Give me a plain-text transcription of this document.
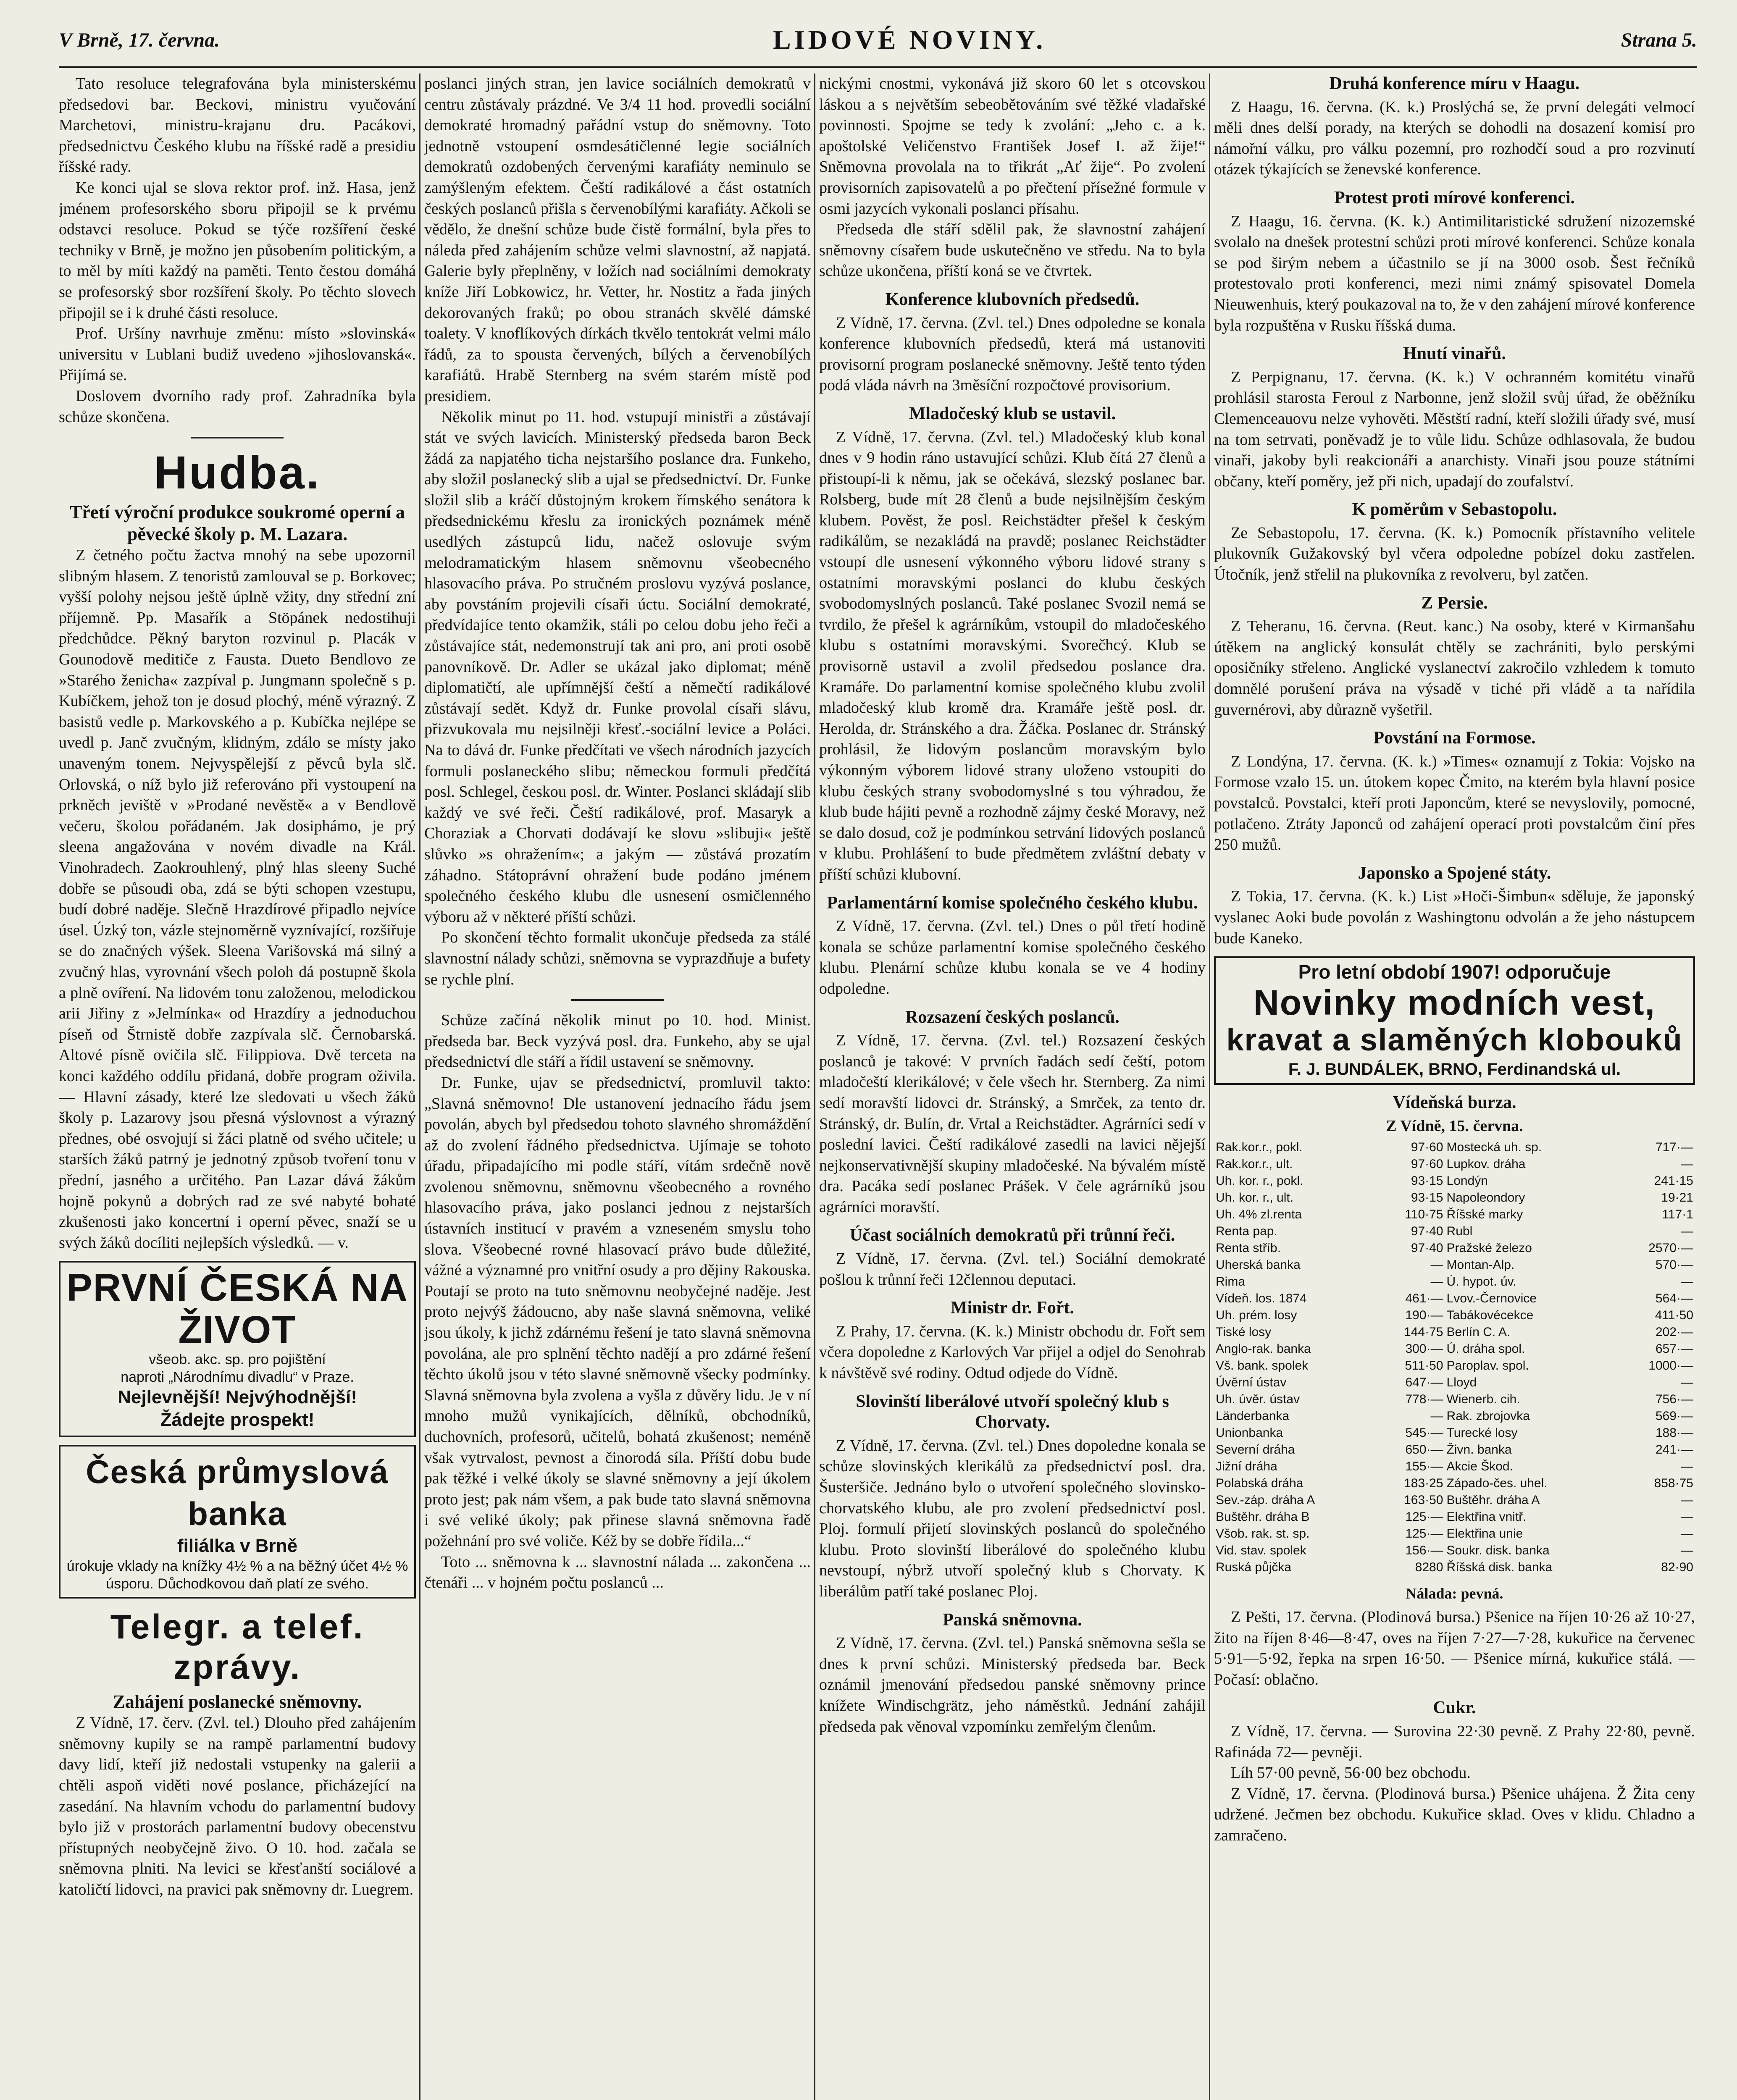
V Brně, 17. června.	LIDOVÉ NOVINY.	Strana 5.

Tato resoluce telegrafována byla ministerskému předsedovi bar. Beckovi, ministru vyučování Marchetovi, ministru-krajanu dru. Pacákovi, předsednictvu Českého klubu na říšské radě a presidiu říšské rady.

Ke konci ujal se slova rektor prof. inž. Hasa, jenž jménem profesorského sboru připojil se k prvému odstavci resoluce. Pokud se týče rozšíření české techniky v Brně, je možno jen působením politickým, a to měl by míti každý na paměti. Tento čestou domáhá se profesorský sbor rozšíření školy. Po těchto slovech připojil se i k druhé části resoluce.

Prof. Uršíny navrhuje změnu: místo »slovinská« universitu v Lublani budiž uvedeno »jihoslovanská«. Přijímá se.

Doslovem dvorního rady prof. Zahradníka byla schůze skončena.

Hudba.
Třetí výroční produkce soukromé operní a pěvecké školy p. M. Lazara.

Z četného počtu žactva mnohý na sebe upozornil slibným hlasem. Z tenoristů zamlouval se p. Borkovec; vyšší polohy nejsou ještě úplně vžity, dny střední zní příjemně. Pp. Masařík a Stöpánek nedostihuji předchůdce. Pěkný baryton rozvinul p. Placák v Gounodově meditiče z Fausta. Dueto Bendlovo ze »Starého ženicha« zazpíval p. Jungmann společně s p. Kubíčkem, jehož ton je dosud plochý, méně výrazný. Z basistů vedle p. Markovského a p. Kubíčka nejlépe se uvedl p. Janč zvučným, klidným, zdálo se místy jako unaveným tonem. Nejvyspělejší z pěvců byla slč. Orlovská, o níž bylo již referováno při vystoupení na prkněch jeviště v »Prodané nevěstě« a v Bendlově večeru, školou pořádaném. Jak dosiphámo, je prý sleena angažována v novém divadle na Král. Vinohradech. Zaokrouhlený, plný hlas sleeny Suché dobře se půsoudi oba, zdá se býti schopen vzestupu, budí dobré naděje. Slečně Hrazdírové připadlo nejvíce úsel. Úzký ton, vázle stejnoměrně vyznívající, rozšiřuje se do značných výšek. Sleena Varišovská má silný a zvučný hlas, vyrovnání všech poloh dá postupně škola a plně ovíření. Na lidovém tonu založenou, melodickou arii Jiřiny z »Jelmínka« od Hrazdíry a jednoduchou píseň od Štrnistě dobře zazpívala slč. Černobarská. Altové písně ovičila slč. Filippiova. Dvě terceta na konci každého oddílu přidaná, dobře program oživila. — Hlavní zásady, které lze sledovati u všech žáků školy p. Lazarovy jsou přesná výslovnost a výrazný přednes, obé osvojují si žáci platně od svého učitele; u starších žáků patrný je jednotný způsob tvoření tonu v přední, jasného a určitého. Pan Lazar dává žákům hojně pokynů a dobrých rad ze své nabyté bohaté zkušenosti jako koncertní i operní pěvec, snaží se u svých žáků docíliti nejlepších výsledků. — v.

PRVNÍ ČESKÁ NA ŽIVOT
všeob. akc. sp. pro pojištění
naproti „Národnímu divadlu“ v Praze.
Nejlevnější! Nejvýhodnější!
Žádejte prospekt!
Česká průmyslová banka
filiálka v Brně
úrokuje vklady na knížky 4½ % a na běžný účet 4½ % úsporu. Důchodkovou daň platí ze svého.
Telegr. a telef. zprávy.
Zahájení poslanecké sněmovny.

Z Vídně, 17. červ. (Zvl. tel.) Dlouho před zahájením sněmovny kupily se na rampě parlamentní budovy davy lidí, kteří již nedostali vstupenky na galerii a chtěli aspoň viděti nové poslance, přicházející na zasedání. Na hlavním vchodu do parlamentní budovy bylo již v prostorách parlamentní budovy obecenstvu přístupných neobyčejně živo. O 10. hod. začala se sněmovna plniti. Na levici se křesťanští sociálové a katoličtí lidovci, na pravici pak sněmovny dr. Luegrem.

poslanci jiných stran, jen lavice sociálních demokratů v centru zůstávaly prázdné. Ve 3/4 11 hod. provedli sociální demokraté hromadný pařádní vstup do sněmovny. Toto jednotně vstoupení osmdesátičlenné legie sociálních demokratů ozdobených červenými karafiáty neminulo se zamýšleným efektem. Čeští radikálové a část ostatních českých poslanců přišla s červenobílými karafiáty. Ačkoli se vědělo, že dnešní schůze bude čistě formální, byla přes to náleda před zahájením schůze velmi slavnostní, až napjatá. Galerie byly přeplněny, v ložích nad sociálními demokraty kníže Jiří Lobkowicz, hr. Vetter, hr. Nostitz a řada jiných dekorovaných fraků; po obou stranách skvělé dámské toalety. V knoflíkových dírkách tkvělo tentokrát velmi málo řádů, za to spousta červených, bílých a červenobílých karafiátů. Hrabě Sternberg na svém starém místě pod presidiem.

Několik minut po 11. hod. vstupují ministři a zůstávají stát ve svých lavicích. Ministerský předseda baron Beck žádá za napjatého ticha nejstaršího poslance dra. Funkeho, aby složil poslanecký slib a ujal se předsednictví. Dr. Funke složil slib a kráčí důstojným krokem římského senátora k předsednickému křeslu za ironických poznámek méně usedlých zástupců lidu, načež oslovuje svým melodramatickým hlasem sněmovnu všeobecného hlasovacího práva. Po stručném proslovu vyzývá poslance, aby povstáním projevili císaři úctu. Sociální demokraté, předvídajíce tento okamžik, stáli po celou dobu jeho řeči a zůstávajíce stát, nedemonstrují tak ani pro, ani proti osobě panovníkově. Dr. Adler se ukázal jako diplomat; méně diplomatičtí, ale upřímnější čeští a němečtí radikálové zůstávají sedět. Když dr. Funke provolal císaři slávu, přizvukovala mu nejsilněji křesť.-sociální levice a Poláci. Na to dává dr. Funke předčítati ve všech národních jazycích formuli poslaneckého slibu; německou formuli předčítá posl. Schlegel, českou posl. dr. Winter. Poslanci skládají slib každý ve své řeči. Čeští radikálové, prof. Masaryk a Choraziak a Chorvati dodávají ke slovu »slibuji« ještě slůvko »s ohražením«; a jakým — zůstává prozatím záhadno. Státoprávní ohražení bude podáno jménem společného českého klubu dle usnesení osmičlenného výboru až v některé příští schůzi.

Po skončení těchto formalit ukončuje předseda za stálé slavnostní nálady schůzi, sněmovna se vyprazdňuje a bufety se rychle plní.

Schůze začíná několik minut po 10. hod. Minist. předseda bar. Beck vyzývá posl. dra. Funkeho, aby se ujal předsednictví dle stáří a řídil ustavení se sněmovny.

Dr. Funke, ujav se předsednictví, promluvil takto: „Slavná sněmovno! Dle ustanovení jednacího řádu jsem povolán, abych byl předsedou tohoto slavného shromáždění až do zvolení řádného předsednictva. Ujímaje se tohoto úřadu, připadajícího mi podle stáří, vítám srdečně nově zvolenou sněmovnu, sněmovnu všeobecného a rovného hlasovacího práva, jako poslanci jednou z nejstarších ústavních institucí v pravém a vzneseném smyslu toho slova. Všeobecné rovné hlasovací právo bude důležité, vážné a významné pro vnitřní osudy a pro dějiny Rakouska. Poutají se proto na tuto sněmovnu neobyčejné naděje. Jest proto nejvýš žádoucno, aby naše slavná sněmovna, veliké jsou úkoly, k jichž zdárnému řešení je tato slavná sněmovna povolána, ale pro splnění těchto nadějí a pro zdárné řešení těchto úkolů jsou v této slavné sněmovně všecky podmínky. Slavná sněmovna byla zvolena a vyšla z důvěry lidu. Je v ní mnoho mužů vynikajících, dělníků, obchodníků, duchovních, profesorů, učitelů, bohatá zkušenost; neméně však vytrvalost, pevnost a činorodá síla. Příští dobu bude pak těžké i velké úkoly se slavné sněmovny a její úkolem proto jest; pak nám všem, a pak bude tato slavná sněmovna i své veliké úkoly; pak přinese slavná sněmovna řadě požehnání pro své voliče. Kéž by se dobře řídila...“

Toto ... sněmovna k ... slavnostní nálada ... zakončena ... čtenáři ... v hojném počtu poslanců ...

nickými cnostmi, vykonává již skoro 60 let s otcovskou láskou a s největším sebeobětováním své těžké vladařské povinnosti. Spojme se tedy k zvolání: „Jeho c. a k. apoštolské Veličenstvo František Josef I. až žije!“ Sněmovna provolala na to třikrát „Ať žije“. Po zvolení provisorních zapisovatelů a po přečtení přísežné formule v osmi jazycích vykonali poslanci přísahu.

Předseda dle stáří sdělil pak, že slavnostní zahájení sněmovny císařem bude uskutečněno ve středu. Na to byla schůze ukončena, příští koná se ve čtvrtek.

Konference klubovních předsedů.

Z Vídně, 17. června. (Zvl. tel.) Dnes odpoledne se konala konference klubovních předsedů, která má ustanoviti provisorní program poslanecké sněmovny. Ještě tento týden podá vláda návrh na 3měsíční rozpočtové provisorium.

Mladočeský klub se ustavil.

Z Vídně, 17. června. (Zvl. tel.) Mladočeský klub konal dnes v 9 hodin ráno ustavující schůzi. Klub čítá 27 členů a přistoupí-li k němu, jak se očekává, slezský poslanec bar. Rolsberg, bude mít 28 členů a bude nejsilnějším českým klubem. Pověst, že posl. Reichstädter přešel k českým radikálům, se nezakládá na pravdě; poslanec Reichstädter vstoupí dle usnesení výkonného výboru lidové strany s ostatními moravskými poslanci do klubu českých svobodomyslných poslanců. Také poslanec Svozil nemá se tvrdilo, že přešel k agrárníkům, vstoupil do mladočeského klubu s ostatními moravskými. Svorečhcý. Klub se provisorně ustavil a zvolil předsedou poslance dra. Kramáře. Do parlamentní komise společného klubu zvolil mladočeský klub kromě dra. Kramáře ještě posl. dr. Herolda, dr. Stránského a dra. Žáčka. Poslanec dr. Stránský prohlásil, že lidovým poslancům moravským bylo výkonným výborem lidové strany uloženo vstoupiti do klubu českých strany svobodomyslné s tou výhradou, že klub bude hájiti pevně a rozhodně zájmy české Moravy, než se dalo dosud, což je podmínkou setrvání lidových poslanců v klubu. Prohlášení to bude předmětem zvláštní debaty v příští schůzi klubovní.

Parlamentární komise společného českého klubu.

Z Vídně, 17. června. (Zvl. tel.) Dnes o půl třetí hodině konala se schůze parlamentní komise společného českého klubu. Plenární schůze klubu konala se ve 4 hodiny odpoledne.

Rozsazení českých poslanců.

Z Vídně, 17. června. (Zvl. tel.) Rozsazení českých poslanců je takové: V prvních řadách sedí čeští, potom mladočeští klerikálové; v čele všech hr. Sternberg. Za nimi sedí moravští lidovci dr. Stránský, a Smrček, za tento dr. Stránský, dr. Bulín, dr. Vrtal a Reichstädter. Agrárníci sedí v poslední lavici. Čeští radikálové zasedli na lavici nějejší nejkonservativnější skupiny mladočeské. Na bývalém místě dra. Pacáka sedí poslanec Prášek. V čele agrárníků jsou agrárníci moravští.

Účast sociálních demokratů při trůnní řeči.

Z Vídně, 17. června. (Zvl. tel.) Sociální demokraté pošlou k trůnní řeči 12člennou deputaci.

Ministr dr. Fořt.

Z Prahy, 17. června. (K. k.) Ministr obchodu dr. Fořt sem včera dopoledne z Karlových Var přijel a odjel do Senohrab k návštěvě své rodiny. Odtud odjede do Vídně.

Slovinští liberálové utvoří společný klub s Chorvaty.

Z Vídně, 17. června. (Zvl. tel.) Dnes dopoledne konala se schůze slovinských klerikálů za předsednictví posl. dra. Šusteršiče. Jednáno bylo o utvoření společného slovinsko-chorvatského klubu, ale pro zvolení předsednictví posl. Ploj. formulí přijetí slovinských poslanců do společného klubu. Proto slovinští liberálové do společného klubu nevstoupí, nýbrž utvoří společný klub s Chorvaty. K liberálům patří také poslanec Ploj.

Panská sněmovna.

Z Vídně, 17. června. (Zvl. tel.) Panská sněmovna sešla se dnes k první schůzi. Ministerský předseda bar. Beck oznámil jmenování předsedou panské sněmovny prince knížete Windischgrätz, jeho náměstků. Jednání zahájil předseda pak věnoval vzpomínku zemřelým členům.

Druhá konference míru v Haagu.

Z Haagu, 16. června. (K. k.) Proslýchá se, že první delegáti velmocí měli dnes delší porady, na kterých se dohodli na dosazení komisí pro námořní válku, pro válku pozemní, pro rozhodčí soud a pro rozvinutí otázek týkajících se ženevské konference.

Protest proti mírové konferenci.

Z Haagu, 16. června. (K. k.) Antimilitaristické sdružení nizozemské svolalo na dnešek protestní schůzi proti mírové konferenci. Schůze konala se pod širým nebem a účastnilo se jí na 3000 osob. Šest řečníků protestovalo proti konferenci, mezi nimi známý spisovatel Domela Nieuwenhuis, který poukazoval na to, že v den zahájení mírové konference byla rozpuštěna v Rusku říšská duma.

Hnutí vinařů.

Z Perpignanu, 17. června. (K. k.) V ochranném komitétu vinařů prohlásil starosta Feroul z Narbonne, jenž složil svůj úřad, že oběžníku Clemenceauovu nelze vyhověti. Městští radní, kteří složili úřady své, musí na tom setrvati, poněvadž je to vůle lidu. Schůze odhlasovala, že budou vinaři, jakoby byli reakcionáři a anarchisty. Vinaři jsou pouze státními občany, kteří poměry, jež při nich, upadají do zoufalství.

K poměrům v Sebastopolu.

Ze Sebastopolu, 17. června. (K. k.) Pomocník přístavního velitele plukovník Gužakovský byl včera odpoledne pobízel doku zastřelen. Útočník, jenž střelil na plukovníka z revolveru, byl zatčen.

Z Persie.

Z Teheranu, 16. června. (Reut. kanc.) Na osoby, které v Kirmanšahu útěkem na anglický konsulát chtěly se zachrániti, bylo perskými oposičníky střeleno. Anglické vyslanectví zakročilo vzhledem k tomuto domnělé porušení práva na výsadě v tiché při vládě a ta nařídila guvernérovi, aby důrazně vyšetřil.

Povstání na Formose.

Z Londýna, 17. června. (K. k.) »Times« oznamují z Tokia: Vojsko na Formose vzalo 15. un. útokem kopec Čmito, na kterém byla hlavní posice povstalců. Povstalci, kteří proti Japoncům, které se nevyslovily, pomocné, potlačeno. Ztráty Japonců od zahájení operací proti povstalcům činí přes 250 mužů.

Japonsko a Spojené státy.

Z Tokia, 17. června. (K. k.) List »Hoči-Šimbun« sděluje, že japonský vyslanec Aoki bude povolán z Washingtonu odvolán a že jeho nástupcem bude Kanekо.

Pro letní období 1907! odporučuje
Novinky modních vest,
kravat a slaměných klobouků
F. J. BUNDÁLEK, BRNO, Ferdinandská ul.
Vídeňská burza.
Z Vídně, 15. června.
Rak.kor.r., pokl.	97·60	Mostecká uh. sp.	717·—
Rak.kor.r., ult.	97·60	Lupkov. dráha	—
Uh. kor. r., pokl.	93·15	Londýn	241·15
Uh. kor. r., ult.	93·15	Napoleondory	19·21
Uh. 4% zl.renta	110·75	Říšské marky	117·1
Renta pap.	97·40	Rubl	—
Renta stříb.	97·40	Pražské železo	2570·—
Uherská banka	—	Montan-Alp.	570·—
Rima	—	Ú. hypot. úv.	—
Vídeň. los. 1874	461·—	Lvov.-Černovice	564·—
Uh. prém. losy	190·—	Tabákovécekce	411·50
Tiské losy	144·75	Berlín C. A.	202·—
Anglo-rak. banka	300·—	Ú. dráha spol.	657·—
Vš. bank. spolek	511·50	Paroplav. spol.	1000·—
Úvěrní ústav	647·—	Lloyd	—
Uh. úvěr. ústav	778·—	Wienerb. cih.	756·—
Länderbanka	—	Rak. zbrojovka	569·—
Unionbanka	545·—	Turecké losy	188·—
Severní dráha	650·—	Živn. banka	241·—
Jižní dráha	155·—	Akcie Škod.	—
Polabská dráha	183·25	Západo-čes. uhel.	858·75
Sev.-záp. dráha A	163·50	Buštěhr. dráha A	—
Buštěhr. dráha B	125·—	Elektřina vnitř.	—
Všob. rak. st. sp.	125·—	Elektřina unie	—
Vid. stav. spolek	156·—	Soukr. disk. banka	—
Ruská půjčka	8280	Říšská disk. banka	82·90
Nálada: pevná.

Z Pešti, 17. června. (Plodinová bursa.) Pšenice na říjen 10·26 až 10·27, žito na říjen 8·46—8·47, oves na říjen 7·27—7·28, kukuřice na červenec 5·91—5·92, řepka na srpen 16·50. — Pšenice mírná, kukuřice stálá. — Počasí: oblačno.

Cukr.

Z Vídně, 17. června. — Surovina 22·30 pevně. Z Prahy 22·80, pevně. Rafináda 72— pevněji.

Líh 57·00 pevně, 56·00 bez obchodu.

Z Vídně, 17. června. (Plodinová bursa.) Pšenice uhájena. Ž Žita ceny udržené. Ječmen bez obchodu. Kukuřice sklad. Oves v klidu. Chladno a zamračeno.
